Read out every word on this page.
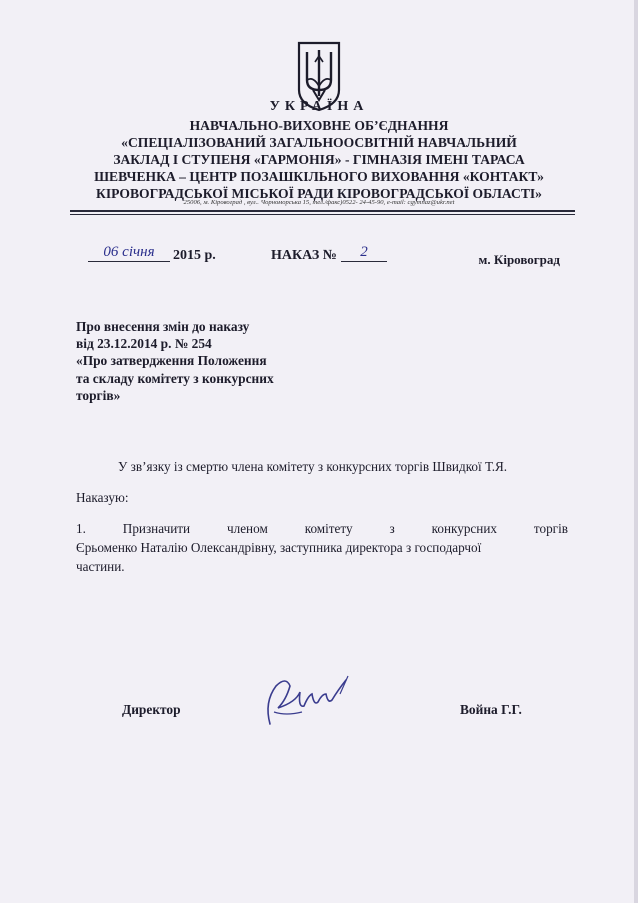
УКРАЇНА
НАВЧАЛЬНО-ВИХОВНЕ ОБ’ЄДНАННЯ
«СПЕЦІАЛІЗОВАНИЙ ЗАГАЛЬНООСВІТНІЙ НАВЧАЛЬНИЙ
ЗАКЛАД І СТУПЕНЯ «ГАРМОНІЯ» - ГІМНАЗІЯ ІМЕНІ ТАРАСА
ШЕВЧЕНКА – ЦЕНТР ПОЗАШКІЛЬНОГО ВИХОВАННЯ «КОНТАКТ»
КІРОВОГРАДСЬКОЇ МІСЬКОЇ РАДИ КІРОВОГРАДСЬКОЇ ОБЛАСТІ»
25006, м. Кіровоград , вул.. Чорноморська 15, тел./факс)0522- 24-45-90, e-mail: cgymnaz@ukr.net
06 січня	2015 р.	НАКАЗ №	2	м. Кіровоград
Про внесення змін до наказу
від 23.12.2014 р. № 254
«Про затвердження Положення
та складу комітету з конкурсних
торгів»
У зв’язку із смертю члена комітету з конкурсних торгів Швидкої Т.Я.
Наказую:
1.	Призначити	членом	комітету	з	конкурсних	торгів
Єрьоменко Наталію Олександрівну, заступника директора з господарчої
частини.
Директор	Война Г.Г.
